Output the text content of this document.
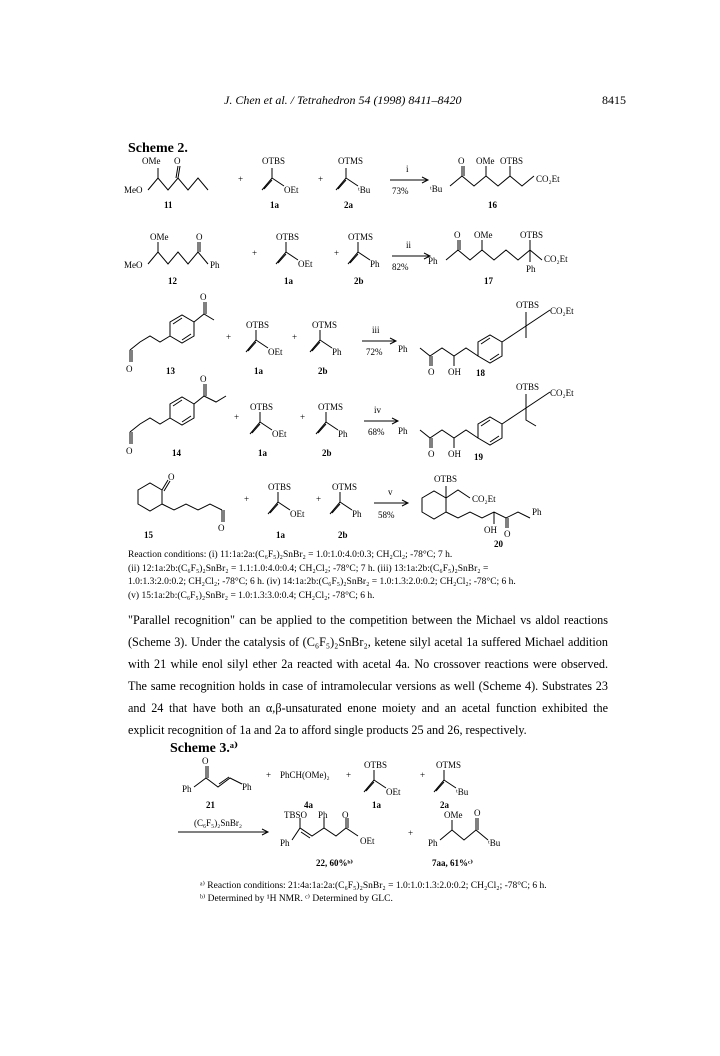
J. Chen et al. / Tetrahedron 54 (1998) 8411–8420	8415
Scheme 2.
OMe O
MeO
11
+
OTBS
OEt
1a
+
OTMS
ᵗBu
2a
i
73% ᵗBu
O OMe OTBS
CO₂Et
16
OMe	O
MeO	Ph
12
+
OTBS
OEt
1a
+
OTMS
Ph
2b
ii
82%
Ph
O OMe	OTBS
CO₂Et
Ph
17
O
O	13
+
OTBS
OEt
1a
+
OTMS
Ph
2b
iii
72% Ph
O OH
OTBS
CO₂Et
18
O
O	14
+
OTBS
OEt
1a
+
OTMS
Ph
2b
iv
68% Ph
O OH
OTBS
CO₂Et
19
O
O
15
+
OTBS
OEt
1a
+
OTMS
Ph
2b
v
58%
OTBS
CO₂Et
Ph
OH O
20
O
Ph	Ph
21
+ PhCH(OMe)₂
4a
+
OTBS
OEt
1a
+
OTMS
ᵗBu
2a
(C₆F₅)₂SnBr₂
TBSO Ph O
Ph	OEt
22, 60%ᵇ⁾
+
OMe O
Ph	ᵗBu
7aa, 61%ᶜ⁾
Reaction conditions: (i) 11:1a:2a:(C₆F₅)₂SnBr₂ = 1.0:1.0:4.0:0.3; CH₂Cl₂; -78°C; 7 h.
(ii) 12:1a:2b:(C₆F₅)₂SnBr₂ = 1.1:1.0:4.0:0.4; CH₂Cl₂; -78°C; 7 h. (iii) 13:1a:2b:(C₆F₅)₂SnBr₂ =
1.0:1.3:2.0:0.2; CH₂Cl₂; -78°C; 6 h. (iv) 14:1a:2b:(C₆F₅)₂SnBr₂ = 1.0:1.3:2.0:0.2; CH₂Cl₂; -78°C; 6 h.
(v) 15:1a:2b:(C₆F₅)₂SnBr₂ = 1.0:1.3:3.0:0.4; CH₂Cl₂; -78°C; 6 h.
"Parallel recognition" can be applied to the competition between the Michael vs aldol reactions (Scheme 3). Under the catalysis of (C₆F₅)₂SnBr₂, ketene silyl acetal 1a suffered Michael addition with 21 while enol silyl ether 2a reacted with acetal 4a. No crossover reactions were observed. The same recognition holds in case of intramolecular versions as well (Scheme 4). Substrates 23 and 24 that have both an α,β-unsaturated enone moiety and an acetal function exhibited the explicit recognition of 1a and 2a to afford single products 25 and 26, respectively.
Scheme 3.ᵃ⁾
ᵃ⁾ Reaction conditions: 21:4a:1a:2a:(C₆F₅)₂SnBr₂ = 1.0:1.0:1.3:2.0:0.2; CH₂Cl₂; -78°C; 6 h.
ᵇ⁾ Determined by ¹H NMR. ᶜ⁾ Determined by GLC.
